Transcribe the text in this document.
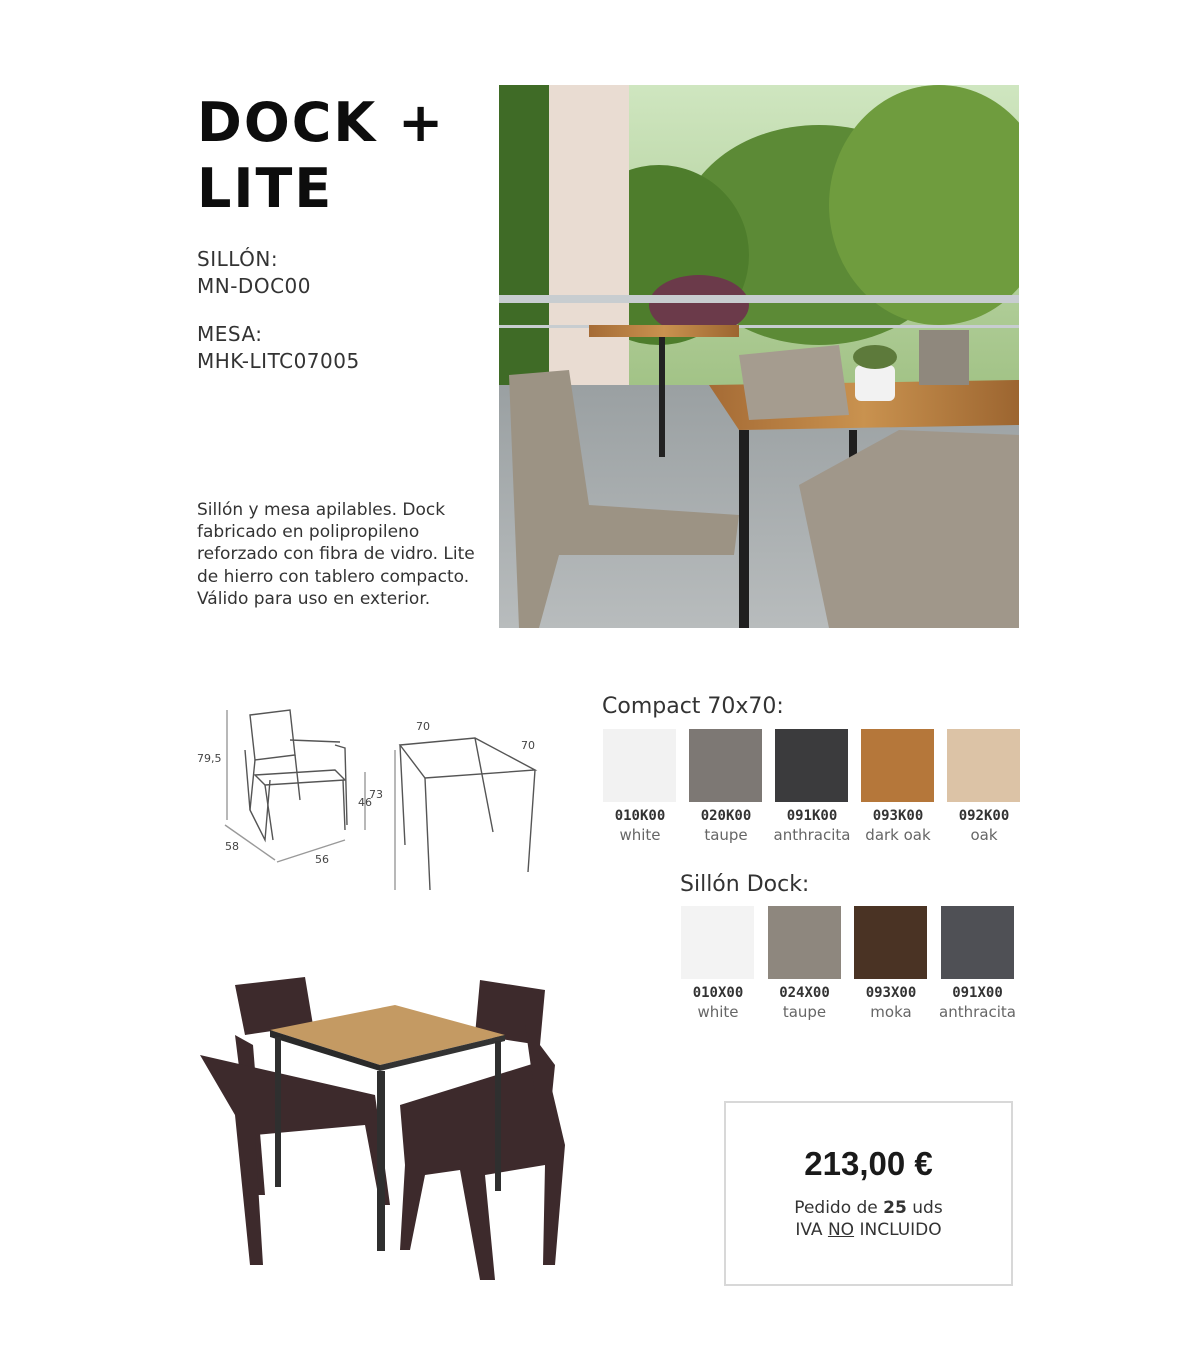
DOCK +
LITE
SILLÓN:
MN-DOC00
MESA:
MHK-LITC07005
Sillón y mesa apilables. Dock fabricado en polipropileno reforzado con fibra de vidro. Lite de hierro con tablero compacto. Válido para uso en exterior.
79,5
46
58
56
73
70
70
Compact 70x70:
010K00
white
020K00
taupe
091K00
anthracita
093K00
dark oak
092K00
oak
Sillón Dock:
010X00
white
024X00
taupe
093X00
moka
091X00
anthracita
213,00 €
Pedido de 25 uds
IVA NO INCLUIDO
